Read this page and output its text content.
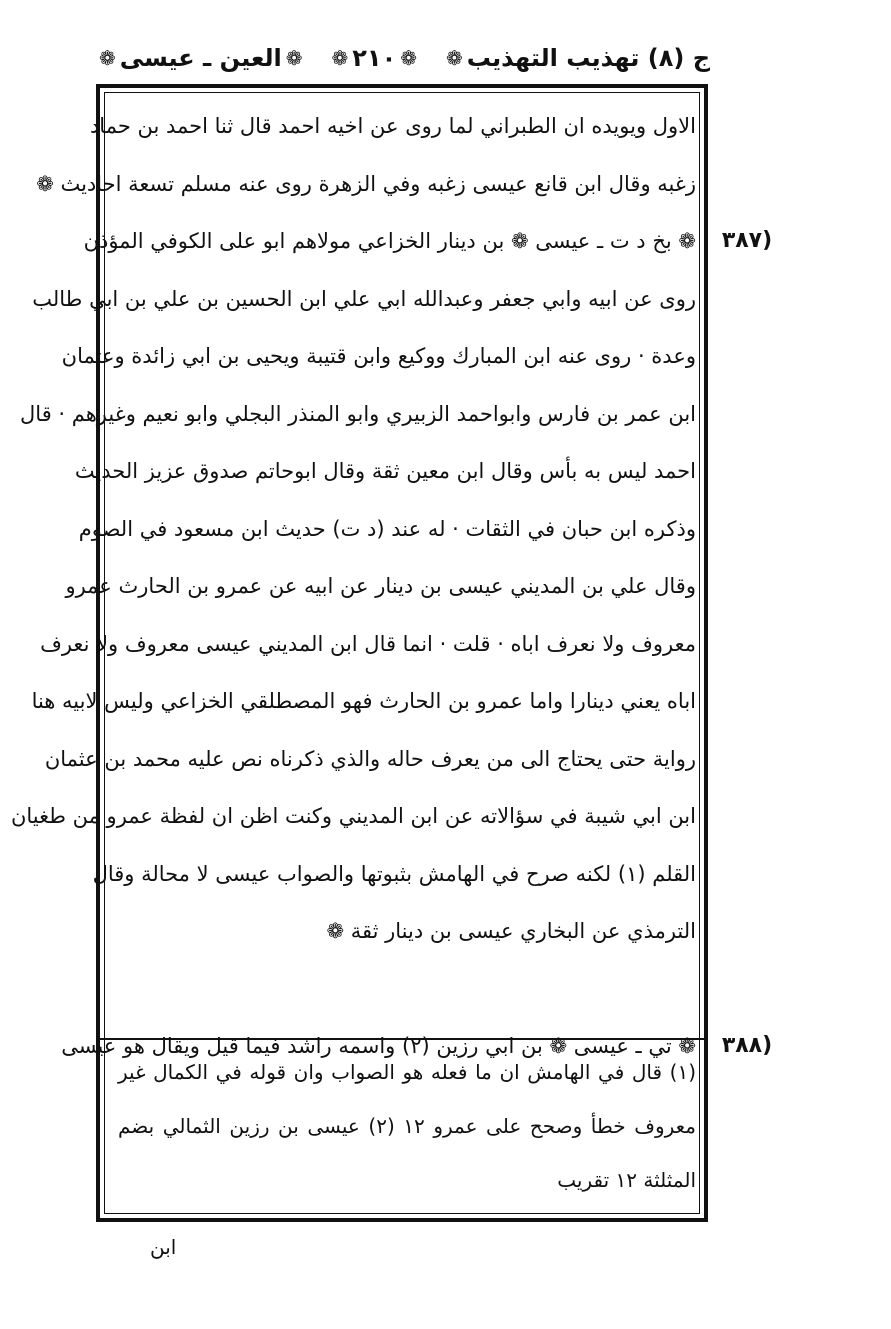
ج (٨) تهذيب التهذيب
❁
❁
٢١٠
❁
❁
العين ـ عيسى
❁
الاول ويويده ان الطبراني لما روى عن اخيه احمد قال ثنا احمد بن حماد
زغبه وقال ابن قانع عيسى زغبه وفي الزهرة روى عنه مسلم تسعة احاديث ❁
❁ بخ د ت ـ عيسى ❁ بن دينار الخزاعي مولاهم ابو على الكوفي المؤذن
روى عن ابيه وابي جعفر وعبدالله ابي علي ابن الحسين بن علي بن ابي طالب
وعدة · روى عنه ابن المبارك ووكيع وابن قتيبة ويحيى بن ابي زائدة وعثمان
ابن عمر بن فارس وابواحمد الزبيري وابو المنذر البجلي وابو نعيم وغيرهم · قال
احمد ليس به بأس وقال ابن معين ثقة وقال ابوحاتم صدوق عزيز الحديث
وذكره ابن حبان في الثقات · له عند (د ت) حديث ابن مسعود في الصوم
وقال علي بن المديني عيسى بن دينار عن ابيه عن عمرو بن الحارث عمرو
معروف ولا نعرف اباه · قلت · انما قال ابن المديني عيسى معروف ولا نعرف
اباه يعني دينارا واما عمرو بن الحارث فهو المصطلقي الخزاعي وليس لابيه هنا
رواية حتى يحتاج الى من يعرف حاله والذي ذكرناه نص عليه محمد بن عثمان
ابن ابي شيبة في سؤالاته عن ابن المديني وكنت اظن ان لفظة عمرو من طغيان
القلم (١) لكنه صرح في الهامش بثبوتها والصواب عيسى لا محالة وقال
الترمذي عن البخاري عيسى بن دينار ثقة ❁
❁ تي ـ عيسى ❁ بن ابي رزين (٢) واسمه راشد فيما قيل ويقال هو عيسى
(٣٨٧
(٣٨٨
(١) قال في الهامش ان ما فعله هو الصواب وان قوله في الكمال غير
معروف خطأ وصحح على عمرو ١٢ (٢) عيسى بن رزين الثمالي بضم
المثلثة ١٢ تقريب
ابن
